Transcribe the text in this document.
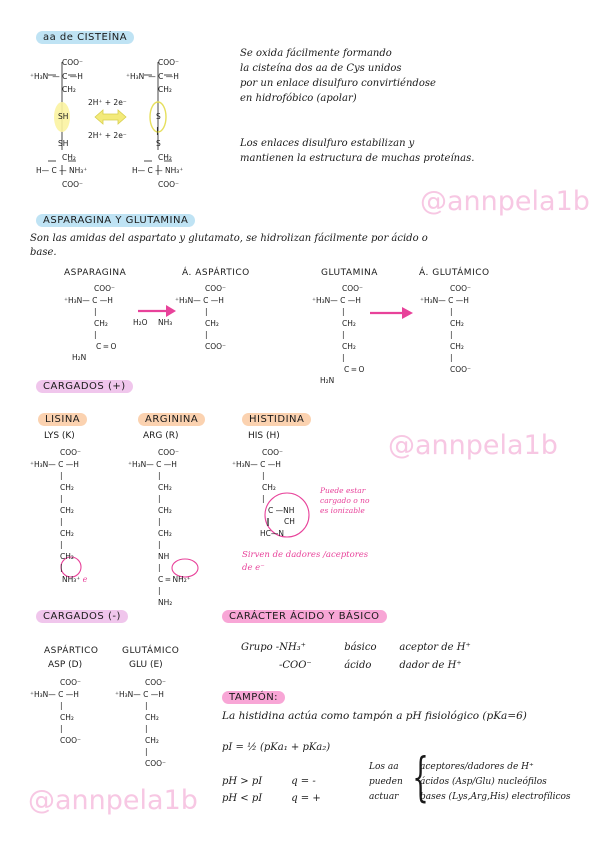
@annpela1b
@annpela1b
@annpela1b
aa de CISTEÍNA
Se oxida fácilmente formando
la cisteína dos aa de Cys unidos
por un enlace disulfuro convirtiéndose
en hidrofóbico (apolar)
Los enlaces disulfuro estabilizan y
mantienen la estructura de muchas proteínas.
COO⁻
⁺H₃N — C —H
CH₂

SH

SH
CH₂
H— C — NH₃⁺
COO⁻
COO⁻
⁺H₃N — C —H
CH₂

S
|
S
CH₂
H— C — NH₃⁺
COO⁻
2H⁺ + 2e⁻
2H⁺ + 2e⁻
ASPARAGINA Y GLUTAMINA
Son las amidas del aspartato y glutamato, se hidrolizan fácilmente por ácido o
base.
ASPARAGINA	Á. ASPÁRTICO	GLUTAMINA	Á. GLUTÁMICO
H₂O NH₃
COO⁻
⁺H₃N— C —H
|
CH₂
|
C ═ O
H₂N
COO⁻
⁺H₃N— C —H
|
CH₂
|
COO⁻
COO⁻
⁺H₃N— C —H
|
CH₂
|
CH₂
|
C ═ O
H₂N
COO⁻
⁺H₃N— C —H
|
CH₂
|
CH₂
|
COO⁻
CARGADOS (+)
LISINA
LYS (K)
ARGININA
ARG (R)
HISTIDINA
HIS (H)
COO⁻
⁺H₃N— C —H
|
CH₂
|
CH₂
|
CH₂
|
CH₂
|
NH₃⁺ e
COO⁻
⁺H₃N— C —H
|
CH₂
|
CH₂
|
CH₂
|
NH
|
C ═ NH₂⁺
|
NH₂
COO⁻
⁺H₃N— C —H
|
CH₂
|
C —NH
‖      CH
HC—N
Puede estar
cargado o no
es ionizable
Sirven de dadores /aceptores
de e⁻
CARGADOS (-)
ASPÁRTICO
ASP (D)
GLUTÁMICO
GLU (E)
COO⁻
⁺H₃N— C —H
|
CH₂
|
COO⁻
COO⁻
⁺H₃N— C —H
|
CH₂
|
CH₂
|
COO⁻
CARÁCTER ÁCIDO Y BÁSICO
Grupo -NH₃⁺	básico aceptor de H⁺
-COO⁻	ácido	dador de H⁺
TAMPÓN:
La histidina actúa como tampón a pH fisiológico (pKa=6)
pI = ½ (pKa₁ + pKa₂)
pH > pI	q = -
pH < pI	q = +
Los aa
pueden
actuar {
aceptores/dadores de H⁺
ácidos (Asp/Glu) nucleófilos
bases (Lys,Arg,His) electrofílicos
